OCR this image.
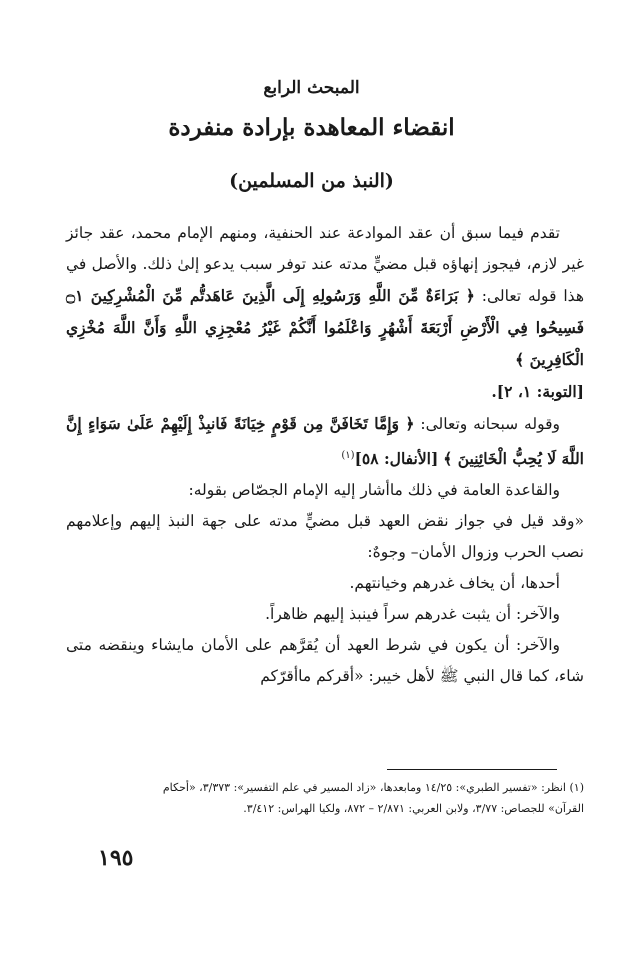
المبحث الرابع
انقضاء المعاهدة بإرادة منفردة
(النبذ من المسلمين)

تقدم فيما سبق أن عقد الموادعة عند الحنفية، ومنهم الإمام محمد، عقد جائز غير لازم، فيجوز إنهاؤه قبل مضيٍّ مدته عند توفر سبب يدعو إلىٰ ذلك. والأصل في هذا قوله تعالى: ﴿ بَرَاءَةٌ مِّنَ اللَّهِ وَرَسُولِهِ إِلَى الَّذِينَ عَاهَدتُّم مِّنَ الْمُشْرِكِينَ ۝١ فَسِيحُوا فِي الْأَرْضِ أَرْبَعَةَ أَشْهُرٍ وَاعْلَمُوا أَنَّكُمْ غَيْرُ مُعْجِزِي اللَّهِ وَأَنَّ اللَّهَ مُخْزِي الْكَافِرِينَ ﴾
[التوبة: ١، ٢].

وقوله سبحانه وتعالى: ﴿ وَإِمَّا تَخَافَنَّ مِن قَوْمٍ خِيَانَةً فَانبِذْ إِلَيْهِمْ عَلَىٰ سَوَاءٍ إِنَّ اللَّهَ لَا يُحِبُّ الْخَائِنِينَ ﴾ [الأنفال: ٥٨]$^{(١)}$

والقاعدة العامة في ذلك ماأشار إليه الإمام الجصّاص بقوله:

«وقد قيل في جواز نقض العهد قبل مضيٍّ مدته على جهة النبذ إليهم وإعلامهم نصب الحرب وزوال الأمان– وجوهٌ:

أحدها، أن يخاف غدرهم وخيانتهم.

والآخر: أن يثبت غدرهم سراً فينبذ إليهم ظاهراً.

والآخر: أن يكون في شرط العهد أن يُقرَّهم على الأمان مايشاء وينقضه متى شاء، كما قال النبي ﷺ لأهل خيبر: «أقركم ماأقرّكم

(١) انظر: «تفسير الطبري»: ١٤/٢٥ ومابعدها، «زاد المسير في علم التفسير»: ٣/٣٧٣، «أحكام

القرآن» للجصاص: ٣/٧٧، ولابن العربي: ٢/٨٧١ – ٨٧٢، ولكيا الهراس: ٣/٤١٢.

١٩٥
